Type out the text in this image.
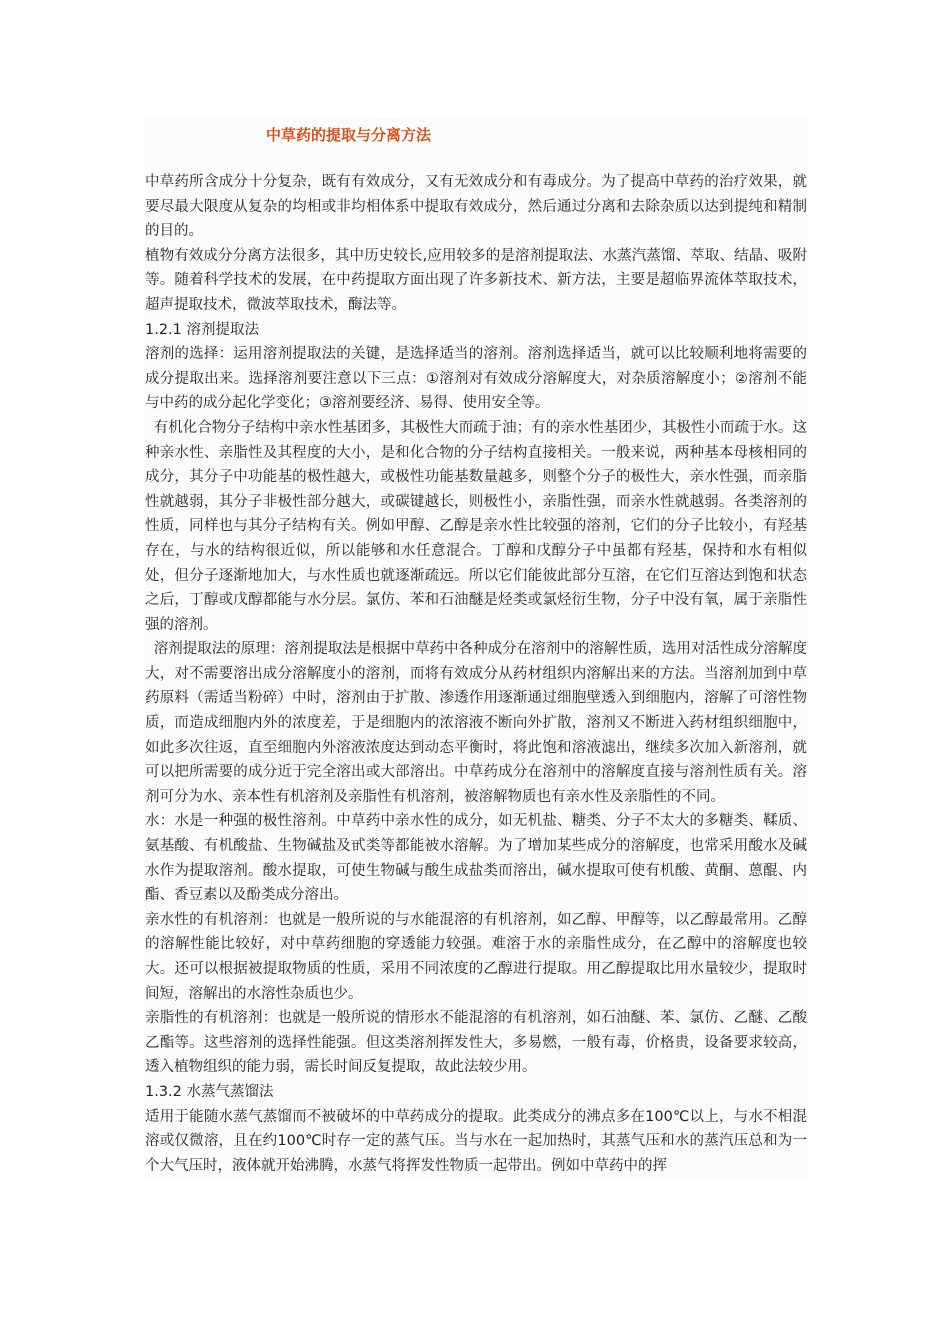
中草药的提取与分离方法

中草药所含成分十分复杂，既有有效成分，又有无效成分和有毒成分。为了提高中草药的治疗效果，就要尽最大限度从复杂的均相或非均相体系中提取有效成分，然后通过分离和去除杂质以达到提纯和精制的目的。

植物有效成分分离方法很多，其中历史较长,应用较多的是溶剂提取法、水蒸汽蒸馏、萃取、结晶、吸附等。随着科学技术的发展，在中药提取方面出现了许多新技术、新方法，主要是超临界流体萃取技术，超声提取技术，微波萃取技术，酶法等。

1.2.1 溶剂提取法

溶剂的选择：运用溶剂提取法的关键，是选择适当的溶剂。溶剂选择适当，就可以比较顺利地将需要的成分提取出来。选择溶剂要注意以下三点：①溶剂对有效成分溶解度大，对杂质溶解度小；②溶剂不能与中药的成分起化学变化；③溶剂要经济、易得、使用安全等。

有机化合物分子结构中亲水性基团多，其极性大而疏于油；有的亲水性基团少，其极性小而疏于水。这种亲水性、亲脂性及其程度的大小，是和化合物的分子结构直接相关。一般来说，两种基本母核相同的成分，其分子中功能基的极性越大，或极性功能基数量越多，则整个分子的极性大，亲水性强，而亲脂性就越弱，其分子非极性部分越大，或碳键越长，则极性小，亲脂性强，而亲水性就越弱。各类溶剂的性质，同样也与其分子结构有关。例如甲醇、乙醇是亲水性比较强的溶剂，它们的分子比较小，有羟基存在，与水的结构很近似，所以能够和水任意混合。丁醇和戊醇分子中虽都有羟基，保持和水有相似处，但分子逐渐地加大，与水性质也就逐渐疏远。所以它们能彼此部分互溶，在它们互溶达到饱和状态之后，丁醇或戊醇都能与水分层。氯仿、苯和石油醚是烃类或氯烃衍生物，分子中没有氧，属于亲脂性强的溶剂。

溶剂提取法的原理：溶剂提取法是根据中草药中各种成分在溶剂中的溶解性质，选用对活性成分溶解度大，对不需要溶出成分溶解度小的溶剂，而将有效成分从药材组织内溶解出来的方法。当溶剂加到中草药原料（需适当粉碎）中时，溶剂由于扩散、渗透作用逐渐通过细胞壁透入到细胞内，溶解了可溶性物质，而造成细胞内外的浓度差，于是细胞内的浓溶液不断向外扩散，溶剂又不断进入药材组织细胞中，如此多次往返，直至细胞内外溶液浓度达到动态平衡时，将此饱和溶液滤出，继续多次加入新溶剂，就可以把所需要的成分近于完全溶出或大部溶出。中草药成分在溶剂中的溶解度直接与溶剂性质有关。溶剂可分为水、亲本性有机溶剂及亲脂性有机溶剂，被溶解物质也有亲水性及亲脂性的不同。

水：水是一种强的极性溶剂。中草药中亲水性的成分，如无机盐、糖类、分子不太大的多糖类、鞣质、氨基酸、有机酸盐、生物碱盐及甙类等都能被水溶解。为了增加某些成分的溶解度，也常采用酸水及碱水作为提取溶剂。酸水提取，可使生物碱与酸生成盐类而溶出，碱水提取可使有机酸、黄酮、蒽醌、内酯、香豆素以及酚类成分溶出。

亲水性的有机溶剂：也就是一般所说的与水能混溶的有机溶剂，如乙醇、甲醇等，以乙醇最常用。乙醇的溶解性能比较好，对中草药细胞的穿透能力较强。难溶于水的亲脂性成分，在乙醇中的溶解度也较大。还可以根据被提取物质的性质，采用不同浓度的乙醇进行提取。用乙醇提取比用水量较少，提取时间短，溶解出的水溶性杂质也少。

亲脂性的有机溶剂：也就是一般所说的情形水不能混溶的有机溶剂，如石油醚、苯、氯仿、乙醚、乙酸乙酯等。这些溶剂的选择性能强。但这类溶剂挥发性大，多易燃，一般有毒，价格贵，设备要求较高，透入植物组织的能力弱，需长时间反复提取，故此法较少用。

1.3.2 水蒸气蒸馏法

适用于能随水蒸气蒸馏而不被破坏的中草药成分的提取。此类成分的沸点多在100℃以上，与水不相混溶或仅微溶，且在约100℃时存一定的蒸气压。当与水在一起加热时，其蒸气压和水的蒸汽压总和为一个大气压时，液体就开始沸腾，水蒸气将挥发性物质一起带出。例如中草药中的挥
